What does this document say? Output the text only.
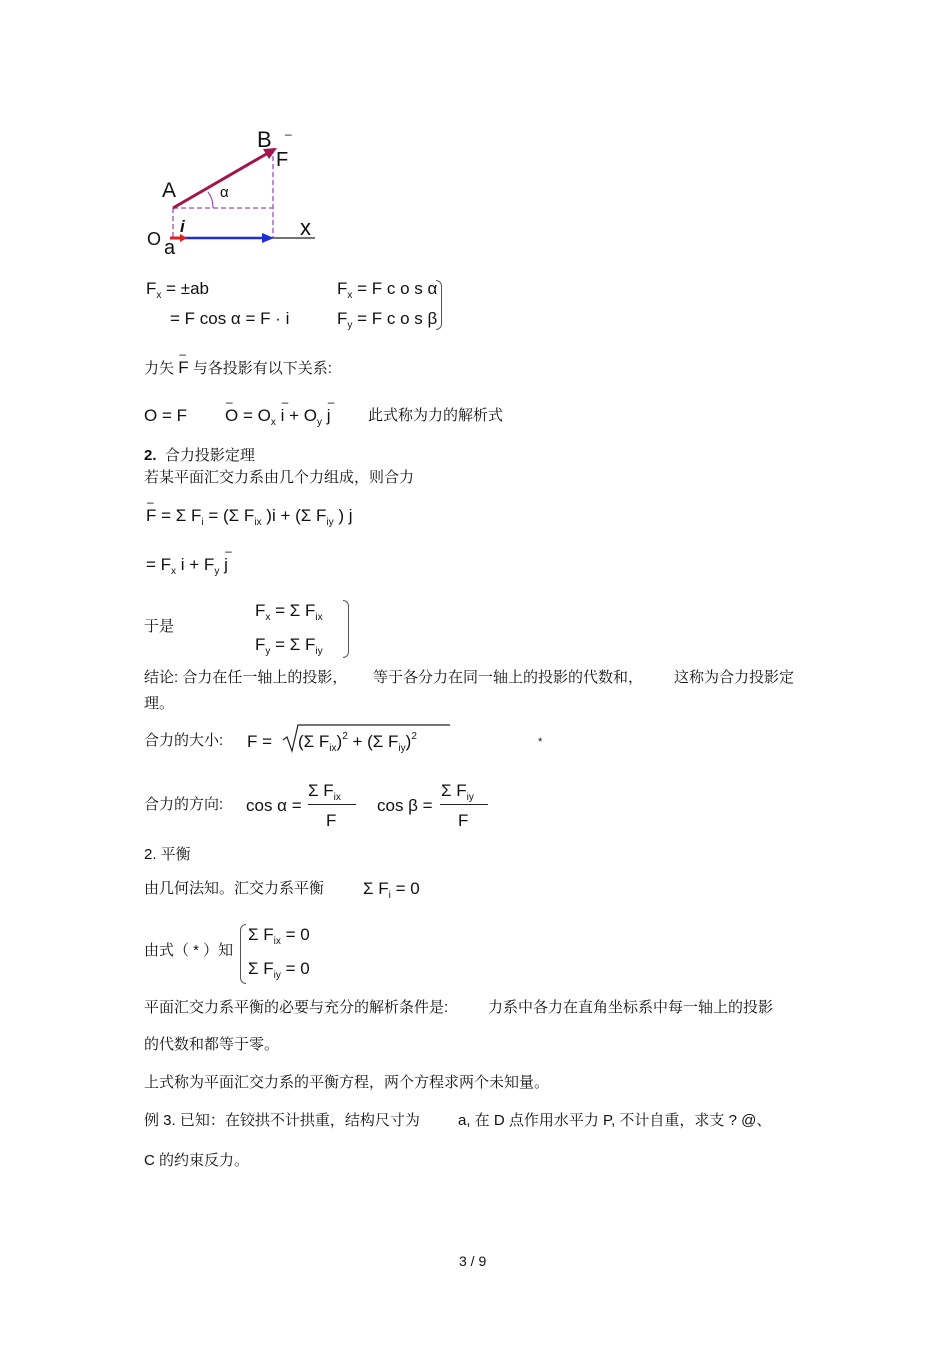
B –
F
A	α
O a
i	x
$F_x = \pm ab$
= F cos α = F · i
$F_x = F$ c o s α
$F_y = F$ c o s β
力矢 – F 与各投影有以下关系:
O = F
– $O = O_x - i + O_y - j$	此式称为力的解析式
2. 合力投影定理
若某平面汇交力系由几个力组成，则合力
– F = Σ $F_i = (\Sigma$ $F_{ix}$ )i + (Σ $F_{iy}$ ) j
= $F_x$ $i + F_y - j$
于是
$F_x = \Sigma$ $F_{ix}$
$F_y = \Sigma$ $F_{iy}$
结论: 合力在任一轴上的投影， 等于各分力在同一轴上的投影的代数和， 这称为合力投影定
理。
合力的大小: F = (Σ $F_{ix})^2 + (\Sigma$ $F_{iy})^2$	*
合力的方向: cos α =
Σ $F_{ix}$
F
cos β =
Σ $F_{iy}$
F
2. 平衡
由几何法知。汇交力系平衡 Σ $F_i = 0$
由式（ * ）知
Σ $F_{ix} = 0$
Σ $F_{iy} = 0$
平面汇交力系平衡的必要与充分的解析条件是:	力系中各力在直角坐标系中每一轴上的投影
的代数和都等于零。
上式称为平面汇交力系的平衡方程，两个方程求两个未知量。
例 3. 已知：在铰拱不计拱重，结构尺寸为	a, 在 D 点作用水平力 P, 不计自重，求支 ? @、
C 的约束反力。
3 / 9
